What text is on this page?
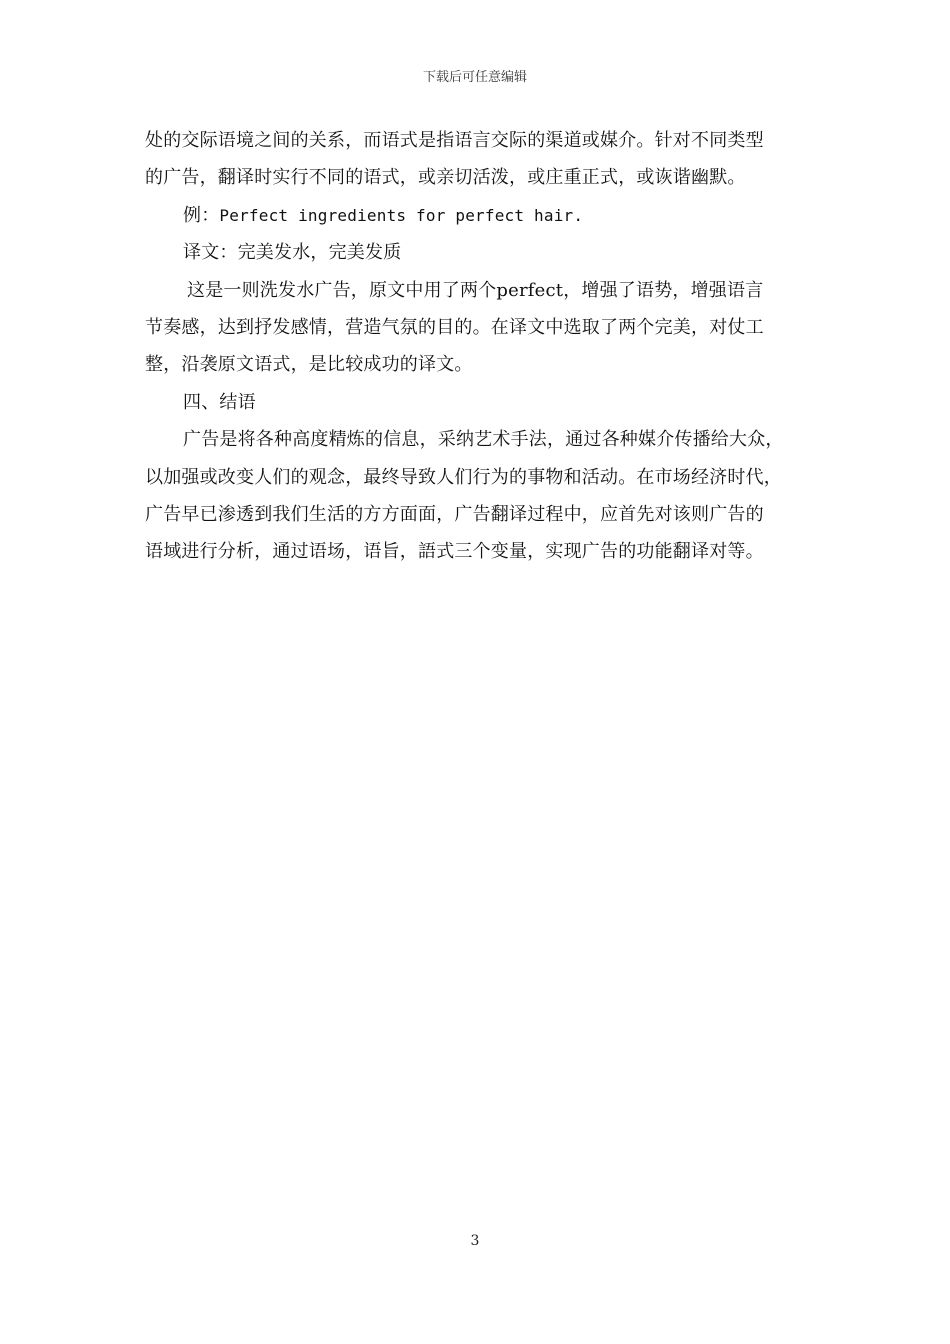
下载后可任意编辑

处的交际语境之间的关系，而语式是指语言交际的渠道或媒介。针对不同类型

的广告，翻译时实行不同的语式，或亲切活泼，或庄重正式，或诙谐幽默。

例：Perfect ingredients for perfect hair.

译文：完美发水，完美发质

这是一则洗发水广告，原文中用了两个perfect，增强了语势，增强语言

节奏感，达到抒发感情，营造气氛的目的。在译文中选取了两个完美，对仗工

整，沿袭原文语式，是比较成功的译文。

四、结语

广告是将各种高度精炼的信息，采纳艺术手法，通过各种媒介传播给大众，

以加强或改变人们的观念，最终导致人们行为的事物和活动。在市场经济时代，

广告早已渗透到我们生活的方方面面，广告翻译过程中，应首先对该则广告的

语域进行分析，通过语场，语旨，語式三个变量，实现广告的功能翻译对等。

3
